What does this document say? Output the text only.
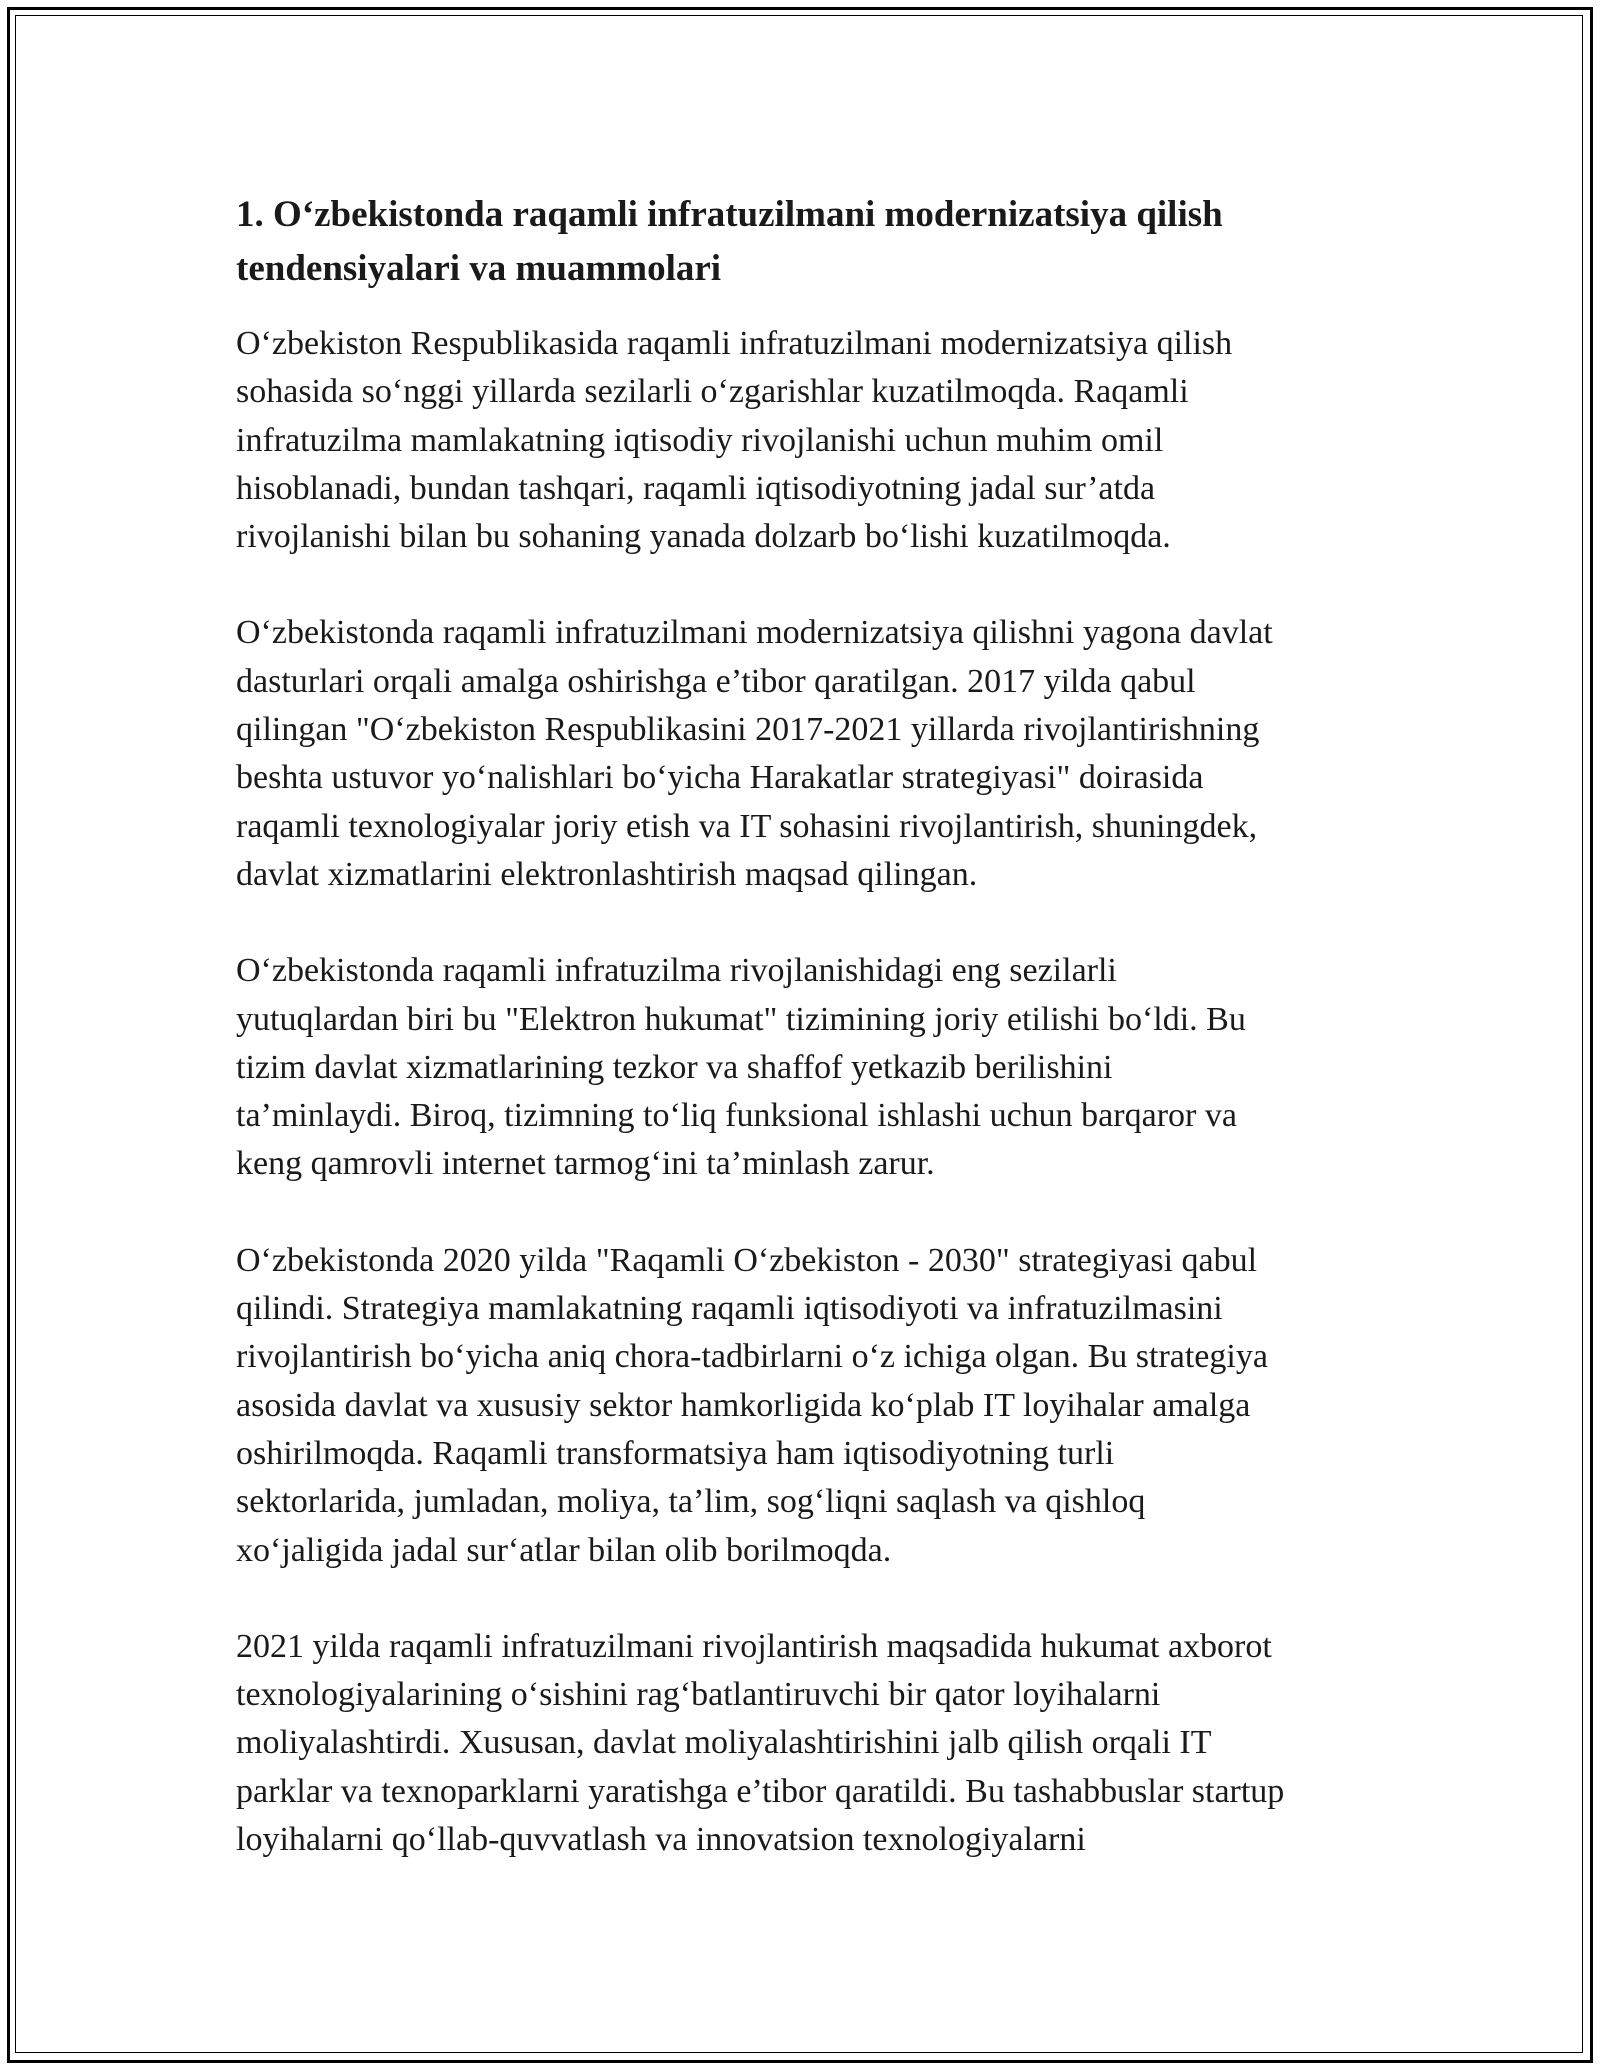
1. O‘zbekistonda raqamli infratuzilmani modernizatsiya qilish
tendensiyalari va muammolari
O‘zbekiston Respublikasida raqamli infratuzilmani modernizatsiya qilish
sohasida so‘nggi yillarda sezilarli o‘zgarishlar kuzatilmoqda. Raqamli
infratuzilma mamlakatning iqtisodiy rivojlanishi uchun muhim omil
hisoblanadi, bundan tashqari, raqamli iqtisodiyotning jadal sur’atda
rivojlanishi bilan bu sohaning yanada dolzarb bo‘lishi kuzatilmoqda.
O‘zbekistonda raqamli infratuzilmani modernizatsiya qilishni yagona davlat
dasturlari orqali amalga oshirishga e’tibor qaratilgan. 2017 yilda qabul
qilingan "O‘zbekiston Respublikasini 2017-2021 yillarda rivojlantirishning
beshta ustuvor yo‘nalishlari bo‘yicha Harakatlar strategiyasi" doirasida
raqamli texnologiyalar joriy etish va IT sohasini rivojlantirish, shuningdek,
davlat xizmatlarini elektronlashtirish maqsad qilingan.
O‘zbekistonda raqamli infratuzilma rivojlanishidagi eng sezilarli
yutuqlardan biri bu "Elektron hukumat" tizimining joriy etilishi bo‘ldi. Bu
tizim davlat xizmatlarining tezkor va shaffof yetkazib berilishini
ta’minlaydi. Biroq, tizimning to‘liq funksional ishlashi uchun barqaror va
keng qamrovli internet tarmog‘ini ta’minlash zarur.
O‘zbekistonda 2020 yilda "Raqamli O‘zbekiston - 2030" strategiyasi qabul
qilindi. Strategiya mamlakatning raqamli iqtisodiyoti va infratuzilmasini
rivojlantirish bo‘yicha aniq chora-tadbirlarni o‘z ichiga olgan. Bu strategiya
asosida davlat va xususiy sektor hamkorligida ko‘plab IT loyihalar amalga
oshirilmoqda. Raqamli transformatsiya ham iqtisodiyotning turli
sektorlarida, jumladan, moliya, ta’lim, sog‘liqni saqlash va qishloq
xo‘jaligida jadal sur‘atlar bilan olib borilmoqda.
2021 yilda raqamli infratuzilmani rivojlantirish maqsadida hukumat axborot
texnologiyalarining o‘sishini rag‘batlantiruvchi bir qator loyihalarni
moliyalashtirdi. Xususan, davlat moliyalashtirishini jalb qilish orqali IT
parklar va texnoparklarni yaratishga e’tibor qaratildi. Bu tashabbuslar startup
loyihalarni qo‘llab-quvvatlash va innovatsion texnologiyalarni
